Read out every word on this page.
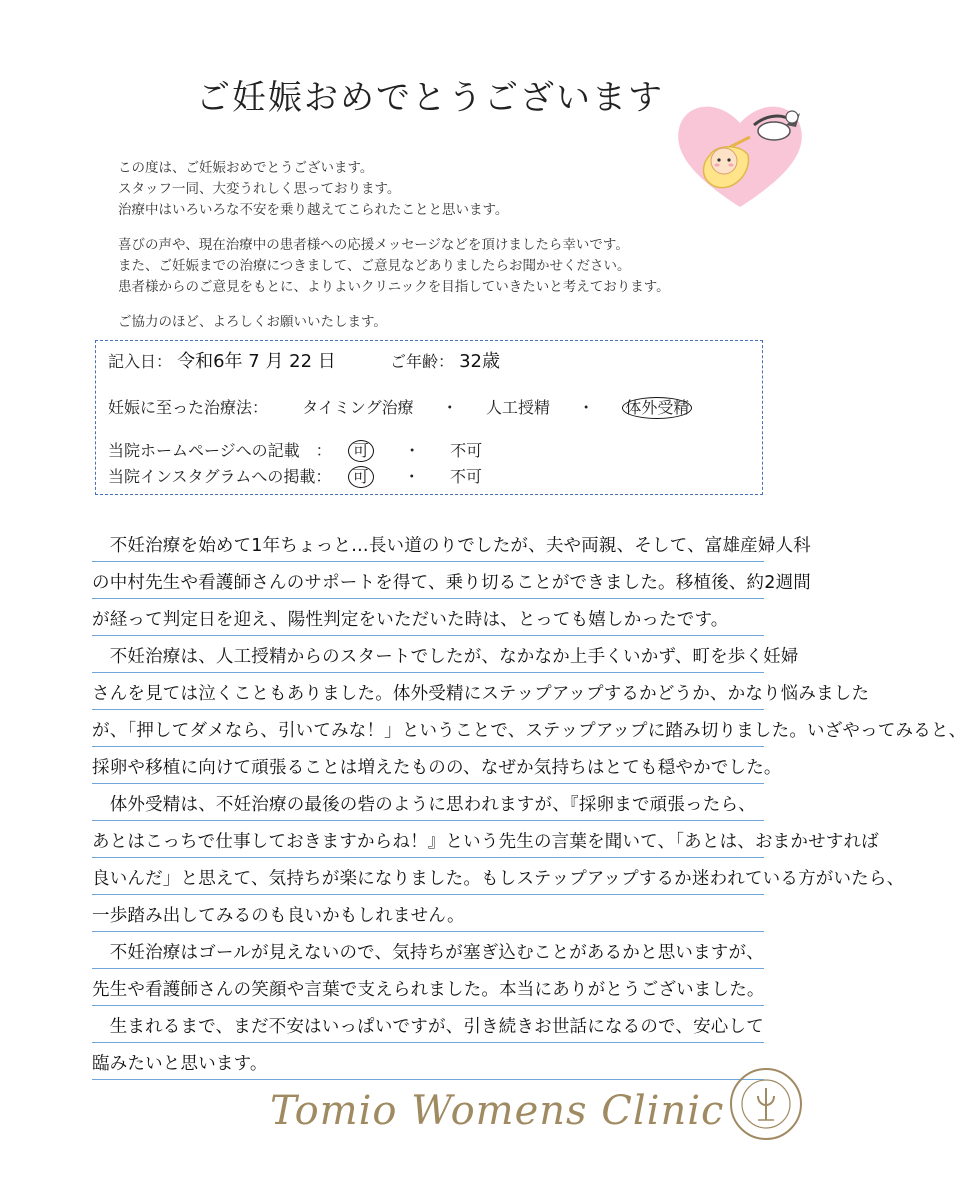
ご妊娠おめでとうございます

この度は、ご妊娠おめでとうございます。
スタッフ一同、大変うれしく思っております。
治療中はいろいろな不安を乗り越えてこられたことと思います。

喜びの声や、現在治療中の患者様への応援メッセージなどを頂けましたら幸いです。
また、ご妊娠までの治療につきまして、ご意見などありましたらお聞かせください。
患者様からのご意見をもとに、よりよいクリニックを目指していきたいと考えております。

ご協力のほど、よろしくお願いいたします。

記入日： 令和6年 7 月 22 日	ご年齢： 32歳
妊娠に至った治療法： タイミング治療 ・ 人工授精 ・ 体外受精
当院ホームページへの記載　： 可 ・ 不可
当院インスタグラムへの掲載： 可 ・ 不可
　不妊治療を始めて1年ちょっと…長い道のりでしたが、夫や両親、そして、富雄産婦人科
の中村先生や看護師さんのサポートを得て、乗り切ることができました。移植後、約2週間
が経って判定日を迎え、陽性判定をいただいた時は、とっても嬉しかったです。
　不妊治療は、人工授精からのスタートでしたが、なかなか上手くいかず、町を歩く妊婦
さんを見ては泣くこともありました。体外受精にステップアップするかどうか、かなり悩みました
が、「押してダメなら、引いてみな！」ということで、ステップアップに踏み切りました。いざやってみると、
採卵や移植に向けて頑張ることは増えたものの、なぜか気持ちはとても穏やかでした。
　体外受精は、不妊治療の最後の砦のように思われますが、『採卵まで頑張ったら、
あとはこっちで仕事しておきますからね！』という先生の言葉を聞いて、「あとは、おまかせすれば
良いんだ」と思えて、気持ちが楽になりました。もしステップアップするか迷われている方がいたら、
一歩踏み出してみるのも良いかもしれません。
　不妊治療はゴールが見えないので、気持ちが塞ぎ込むことがあるかと思いますが、
先生や看護師さんの笑顔や言葉で支えられました。本当にありがとうございました。
　生まれるまで、まだ不安はいっぱいですが、引き続きお世話になるので、安心して
臨みたいと思います。
Tomio Womens Clinic
